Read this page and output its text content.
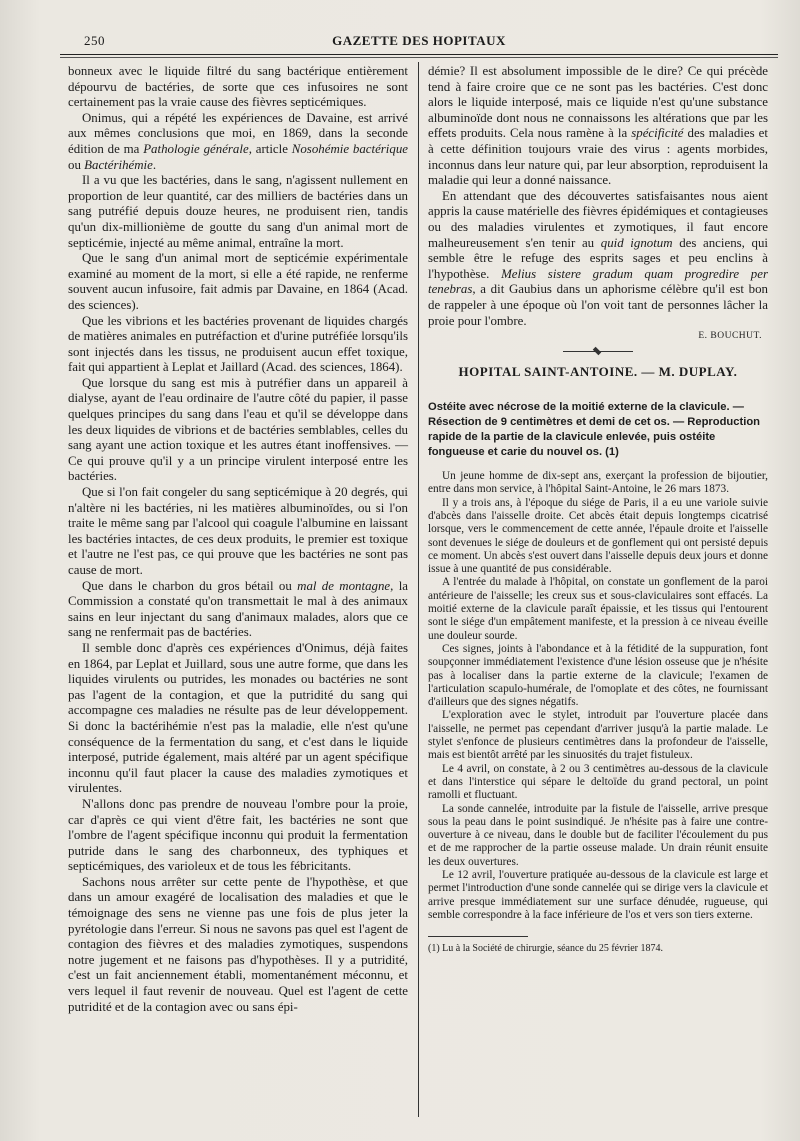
250	GAZETTE DES HOPITAUX

bonneux avec le liquide filtré du sang bactérique entièrement dépourvu de bactéries, de sorte que ces infusoires ne sont certainement pas la vraie cause des fièvres septicémiques.

Onimus, qui a répété les expériences de Davaine, est arrivé aux mêmes conclusions que moi, en 1869, dans la seconde édition de ma Pathologie générale, article Nosohémie bactérique ou Bactérihémie.

Il a vu que les bactéries, dans le sang, n'agissent nullement en proportion de leur quantité, car des milliers de bactéries dans un sang putréfié depuis douze heures, ne produisent rien, tandis qu'un dix-millionième de goutte du sang d'un animal mort de septicémie, injecté au même animal, entraîne la mort.

Que le sang d'un animal mort de septicémie expérimentale examiné au moment de la mort, si elle a été rapide, ne renferme souvent aucun infusoire, fait admis par Davaine, en 1864 (Acad. des sciences).

Que les vibrions et les bactéries provenant de liquides chargés de matières animales en putréfaction et d'urine putréfiée lorsqu'ils sont injectés dans les tissus, ne produisent aucun effet toxique, fait qui appartient à Leplat et Jaillard (Acad. des sciences, 1864).

Que lorsque du sang est mis à putréfier dans un appareil à dialyse, ayant de l'eau ordinaire de l'autre côté du papier, il passe quelques principes du sang dans l'eau et qu'il se développe dans les deux liquides de vibrions et de bactéries semblables, celles du sang ayant une action toxique et les autres étant inoffensives. — Ce qui prouve qu'il y a un principe virulent interposé entre les bactéries.

Que si l'on fait congeler du sang septicémique à 20 degrés, qui n'altère ni les bactéries, ni les matières albuminoïdes, ou si l'on traite le même sang par l'alcool qui coagule l'albumine en laissant les bactéries intactes, de ces deux produits, le premier est toxique et l'autre ne l'est pas, ce qui prouve que les bactéries ne sont pas cause de mort.

Que dans le charbon du gros bétail ou mal de montagne, la Commission a constaté qu'on transmettait le mal à des animaux sains en leur injectant du sang d'animaux malades, alors que ce sang ne renfermait pas de bactéries.

Il semble donc d'après ces expériences d'Onimus, déjà faites en 1864, par Leplat et Juillard, sous une autre forme, que dans les liquides virulents ou putrides, les monades ou bactéries ne sont pas l'agent de la contagion, et que la putridité du sang qui accompagne ces maladies ne résulte pas de leur développement. Si donc la bactérihémie n'est pas la maladie, elle n'est qu'une conséquence de la fermentation du sang, et c'est dans le liquide interposé, putride également, mais altéré par un agent spécifique inconnu qu'il faut placer la cause des maladies zymotiques et virulentes.

N'allons donc pas prendre de nouveau l'ombre pour la proie, car d'après ce qui vient d'être fait, les bactéries ne sont que l'ombre de l'agent spécifique inconnu qui produit la fermentation putride dans le sang des charbonneux, des typhiques et septicémiques, des varioleux et de tous les fébricitants.

Sachons nous arrêter sur cette pente de l'hypothèse, et que dans un amour exagéré de localisation des maladies et que le témoignage des sens ne vienne pas une fois de plus jeter la pyrétologie dans l'erreur. Si nous ne savons pas quel est l'agent de contagion des fièvres et des maladies zymotiques, suspendons notre jugement et ne faisons pas d'hypothèses. Il y a putridité, c'est un fait anciennement établi, momentanément méconnu, et vers lequel il faut revenir de nouveau. Quel est l'agent de cette putridité et de la contagion avec ou sans épi-

démie? Il est absolument impossible de le dire? Ce qui précède tend à faire croire que ce ne sont pas les bactéries. C'est donc alors le liquide interposé, mais ce liquide n'est qu'une substance albuminoïde dont nous ne connaissons les altérations que par les effets produits. Cela nous ramène à la spécificité des maladies et à cette définition toujours vraie des virus : agents morbides, inconnus dans leur nature qui, par leur absorption, reproduisent la maladie qui leur a donné naissance.

En attendant que des découvertes satisfaisantes nous aient appris la cause matérielle des fièvres épidémiques et contagieuses ou des maladies virulentes et zymotiques, il faut encore malheureusement s'en tenir au quid ignotum des anciens, qui semble être le refuge des esprits sages et peu enclins à l'hypothèse. Melius sistere gradum quam progredire per tenebras, a dit Gaubius dans un aphorisme célèbre qu'il est bon de rappeler à une époque où l'on voit tant de personnes lâcher la proie pour l'ombre.

E. BOUCHUT.
HOPITAL SAINT-ANTOINE. — M. DUPLAY.
Ostéite avec nécrose de la moitié externe de la clavicule. — Résection de 9 centimètres et demi de cet os. — Reproduction rapide de la partie de la clavicule enlevée, puis ostéite fongueuse et carie du nouvel os. (1)

Un jeune homme de dix-sept ans, exerçant la profession de bijoutier, entre dans mon service, à l'hôpital Saint-Antoine, le 26 mars 1873.

Il y a trois ans, à l'époque du siége de Paris, il a eu une variole suivie d'abcès dans l'aisselle droite. Cet abcès était depuis longtemps cicatrisé lorsque, vers le commencement de cette année, l'épaule droite et l'aisselle sont devenues le siége de douleurs et de gonflement qui ont persisté depuis ce moment. Un abcès s'est ouvert dans l'aisselle depuis deux jours et donne issue à une quantité de pus considérable.

A l'entrée du malade à l'hôpital, on constate un gonflement de la paroi antérieure de l'aisselle; les creux sus et sous-claviculaires sont effacés. La moitié externe de la clavicule paraît épaissie, et les tissus qui l'entourent sont le siége d'un empâtement manifeste, et la pression à ce niveau éveille une douleur sourde.

Ces signes, joints à l'abondance et à la fétidité de la suppuration, font soupçonner immédiatement l'existence d'une lésion osseuse que je n'hésite pas à localiser dans la partie externe de la clavicule; l'examen de l'articulation scapulo-humérale, de l'omoplate et des côtes, ne fournissant d'ailleurs que des signes négatifs.

L'exploration avec le stylet, introduit par l'ouverture placée dans l'aisselle, ne permet pas cependant d'arriver jusqu'à la partie malade. Le stylet s'enfonce de plusieurs centimètres dans la profondeur de l'aisselle, mais est bientôt arrêté par les sinuosités du trajet fistuleux.

Le 4 avril, on constate, à 2 ou 3 centimètres au-dessous de la clavicule et dans l'interstice qui sépare le deltoïde du grand pectoral, un point ramolli et fluctuant.

La sonde cannelée, introduite par la fistule de l'aisselle, arrive presque sous la peau dans le point susindiqué. Je n'hésite pas à faire une contre-ouverture à ce niveau, dans le double but de faciliter l'écoulement du pus et de me rapprocher de la partie osseuse malade. Un drain réunit ensuite les deux ouvertures.

Le 12 avril, l'ouverture pratiquée au-dessous de la clavicule est large et permet l'introduction d'une sonde cannelée qui se dirige vers la clavicule et arrive presque immédiatement sur une surface dénudée, rugueuse, qui semble correspondre à la face inférieure de l'os et vers son tiers externe.

(1) Lu à la Société de chirurgie, séance du 25 février 1874.
